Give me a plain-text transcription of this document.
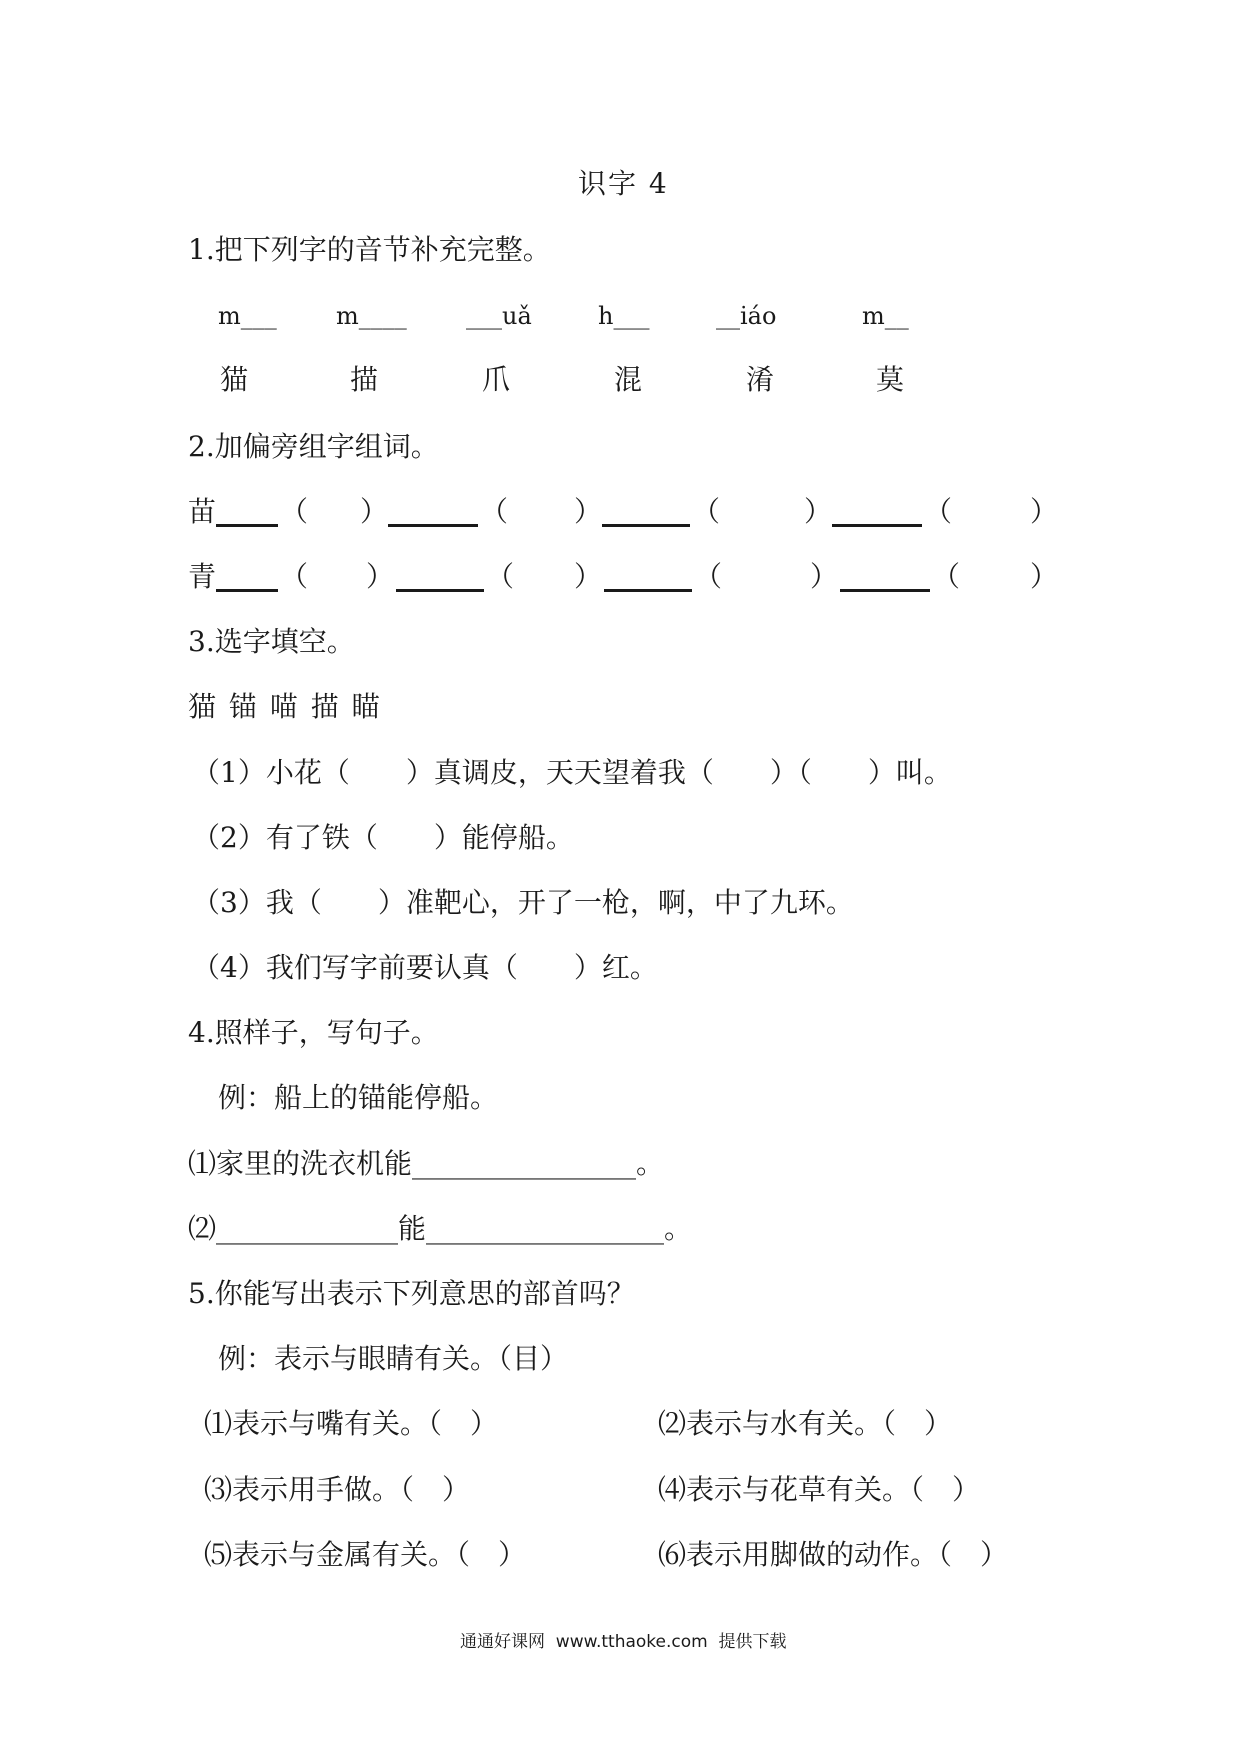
识字 4
1.把下列字的音节补充完整。
m___ m____ ___uǎ	h___	__iáo	m__
猫	描	爪	混	淆	莫
2.加偏旁组字组词。
苗 （ ）	（ ）	（	）	（	）
青 （ ）	（ ）	（	）	（ ）
3.选字填空。
猫 锚 喵 描 瞄
（1）小花（　　）真调皮，天天望着我（　　）（　　）叫。
（2）有了铁（　　）能停船。
（3）我（　　）准靶心，开了一枪，啊，中了九环。
（4）我们写字前要认真（　　）红。
4.照样子，写句子。
例：船上的锚能停船。
⑴家里的洗衣机能________________。
⑵_____________能_________________。
5.你能写出表示下列意思的部首吗？
例：表示与眼睛有关。（目）
⑴表示与嘴有关。（　）	⑵表示与水有关。（　）
⑶表示用手做。（　）	⑷表示与花草有关。（　）
⑸表示与金属有关。（　）	⑹表示用脚做的动作。（　）
通通好课网  www.tthaoke.com  提供下载
